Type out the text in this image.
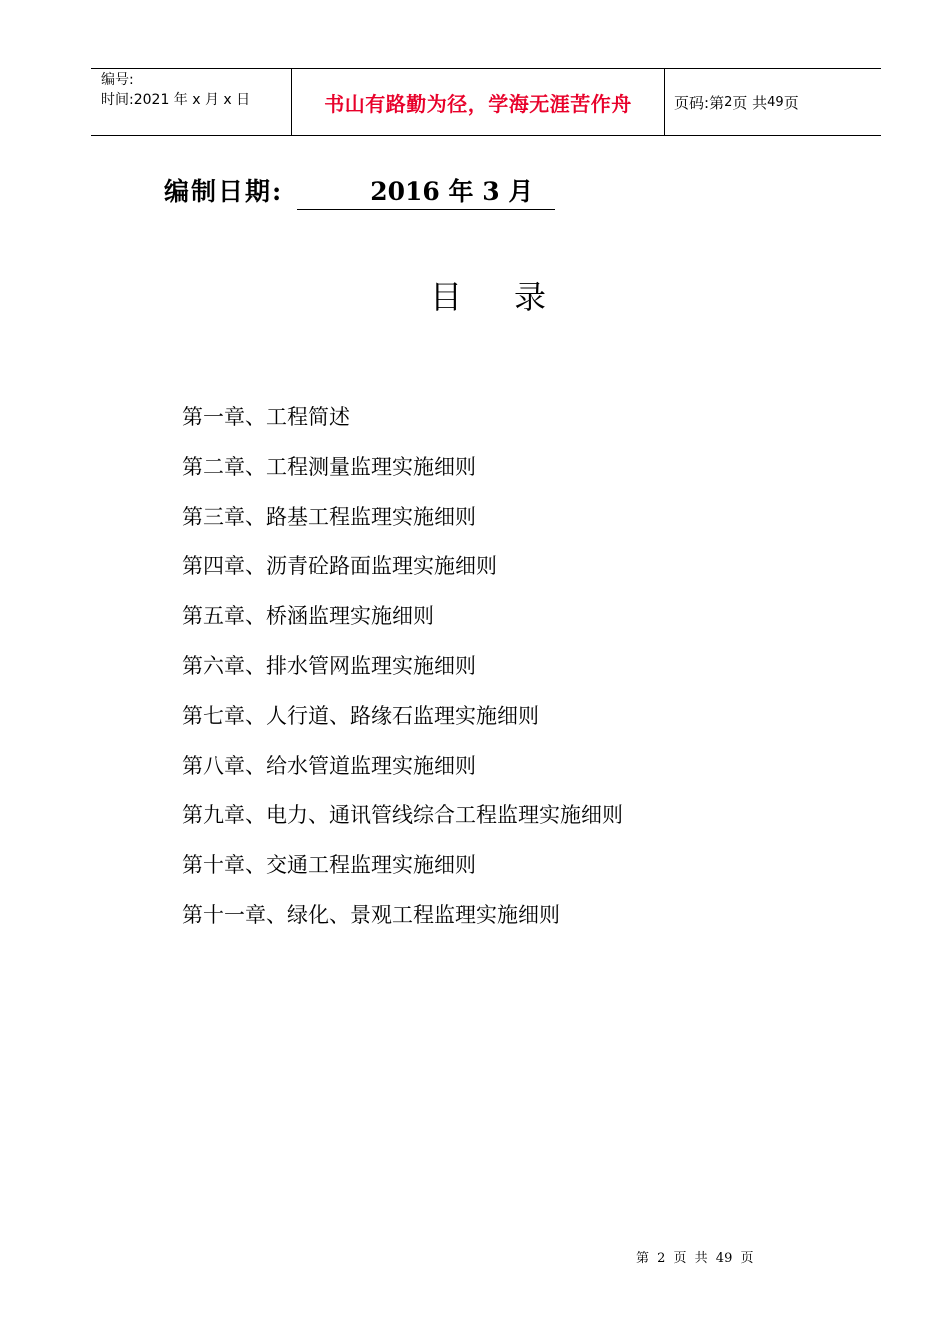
编号:
时间:2021 年 x 月 x 日	书山有路勤为径，学海无涯苦作舟	页码: 第 2 页 共 49 页
编制日期:	2016 年 3 月
目录
第一章、工程简述
第二章、工程测量监理实施细则
第三章、路基工程监理实施细则
第四章、沥青砼路面监理实施细则
第五章、桥涵监理实施细则
第六章、排水管网监理实施细则
第七章、人行道、路缘石监理实施细则
第八章、给水管道监理实施细则
第九章、电力、通讯管线综合工程监理实施细则
第十章、交通工程监理实施细则
第十一章、绿化、景观工程监理实施细则
第 2 页 共 49 页
